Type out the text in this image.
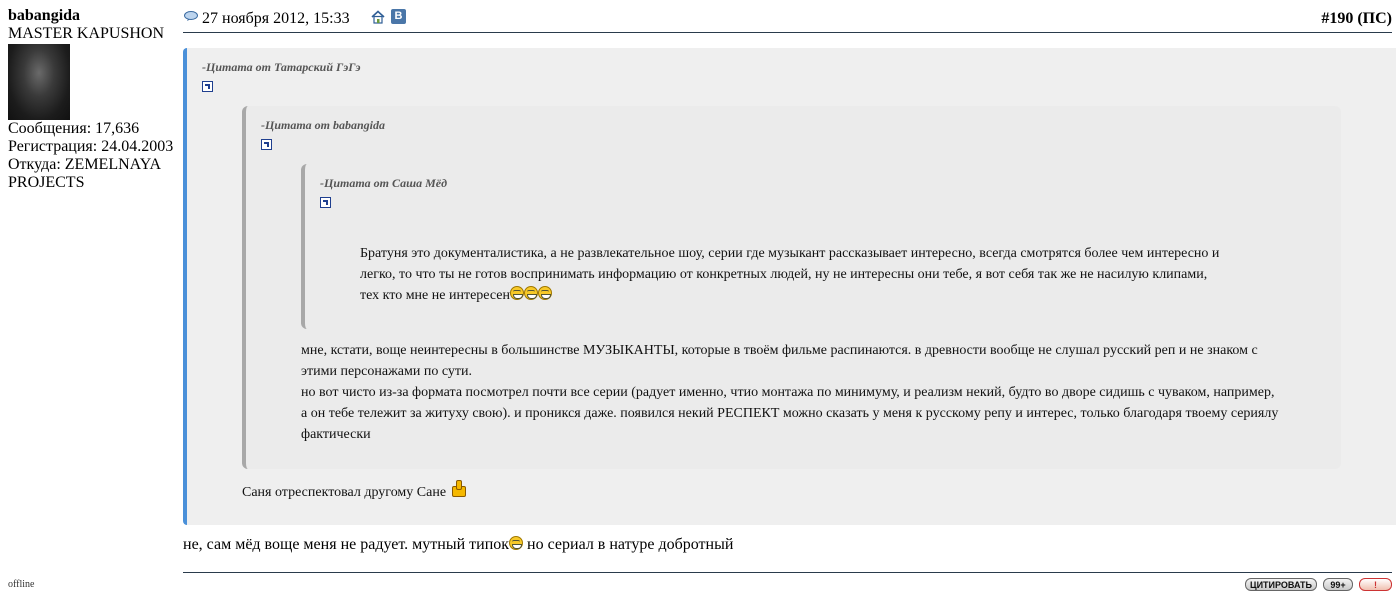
babangida
MASTER KAPUSHON
Сообщения: 17,636
Регистрация: 24.04.2003
Откуда: ZEMELNAYA PROJECTS
offline
27 ноября 2012, 15:33	В	#190 (ПС)
-Цитата от Татарский ГэГэ
-Цитата от babangida
-Цитата от Саша Мёд
Братуня это документалистика, а не развлекательное шоу, серии где музыкант рассказывает интересно, всегда смотрятся более чем интересно и
легко, то что ты не готов воспринимать информацию от конкретных людей, ну не интересны они тебе, я вот себя так же не насилую клипами,
тех кто мне не интересен
мне, кстати, воще неинтересны в большинстве МУЗЫКАНТЫ, которые в твоём фильме распинаются. в древности вообще не слушал русский реп и не знаком с
этими персонажами по сути.
но вот чисто из-за формата посмотрел почти все серии (радует именно, чтио монтажа по минимуму, и реализм некий, будто во дворе сидишь с чуваком, например,
а он тебе тележит за житуху свою). и проникся даже. появился некий РЕСПЕКТ можно сказать у меня к русскому репу и интерес, только благодаря твоему сериялу
фактически
Саня отреспектовал другому Сане
не, сам мёд воще меня не радует. мутный типок но сериал в натуре добротный
ЦИТИРОВАТЬ	99+	!
